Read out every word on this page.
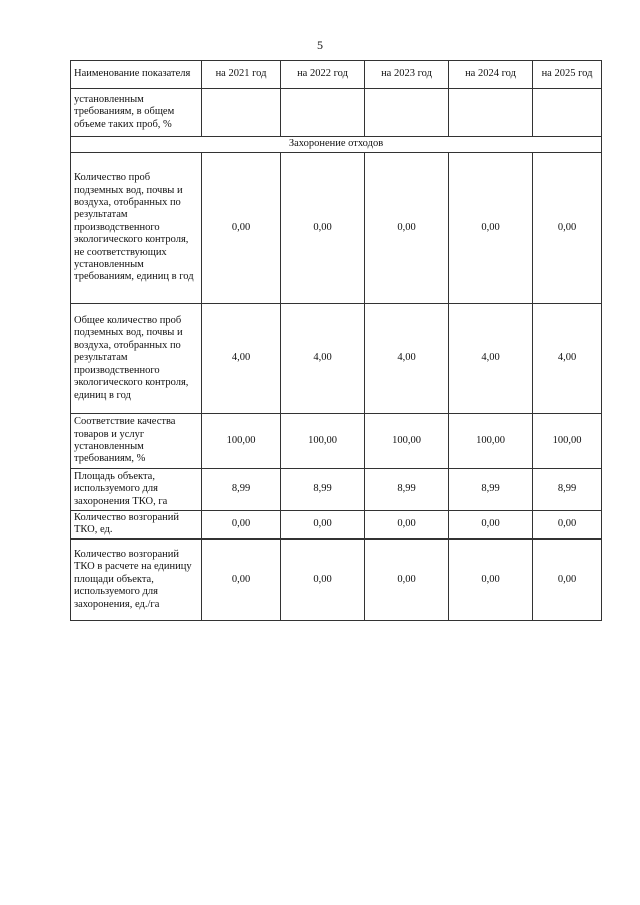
5
Наименование показателя	на 2021 год	на 2022 год	на 2023 год	на 2024 год	на 2025 год
установленным требованиям, в общем объеме таких проб, %					
Захоронение отходов					
Количество проб подземных вод, почвы и воздуха, отобранных по результатам производственного экологического контроля, не соответствующих установленным требованиям, единиц в год	0,00	0,00	0,00	0,00	0,00
Общее количество проб подземных вод, почвы и воздуха, отобранных по результатам производственного экологического контроля, единиц в год	4,00	4,00	4,00	4,00	4,00
Соответствие качества товаров и услуг установленным требованиям, %	100,00	100,00	100,00	100,00	100,00
Площадь объекта, используемого для захоронения ТКО, га	8,99	8,99	8,99	8,99	8,99
Количество возгораний ТКО, ед.	0,00	0,00	0,00	0,00	0,00
Количество возгораний ТКО в расчете на единицу площади объекта, используемого для захоронения, ед./га	0,00	0,00	0,00	0,00	0,00
